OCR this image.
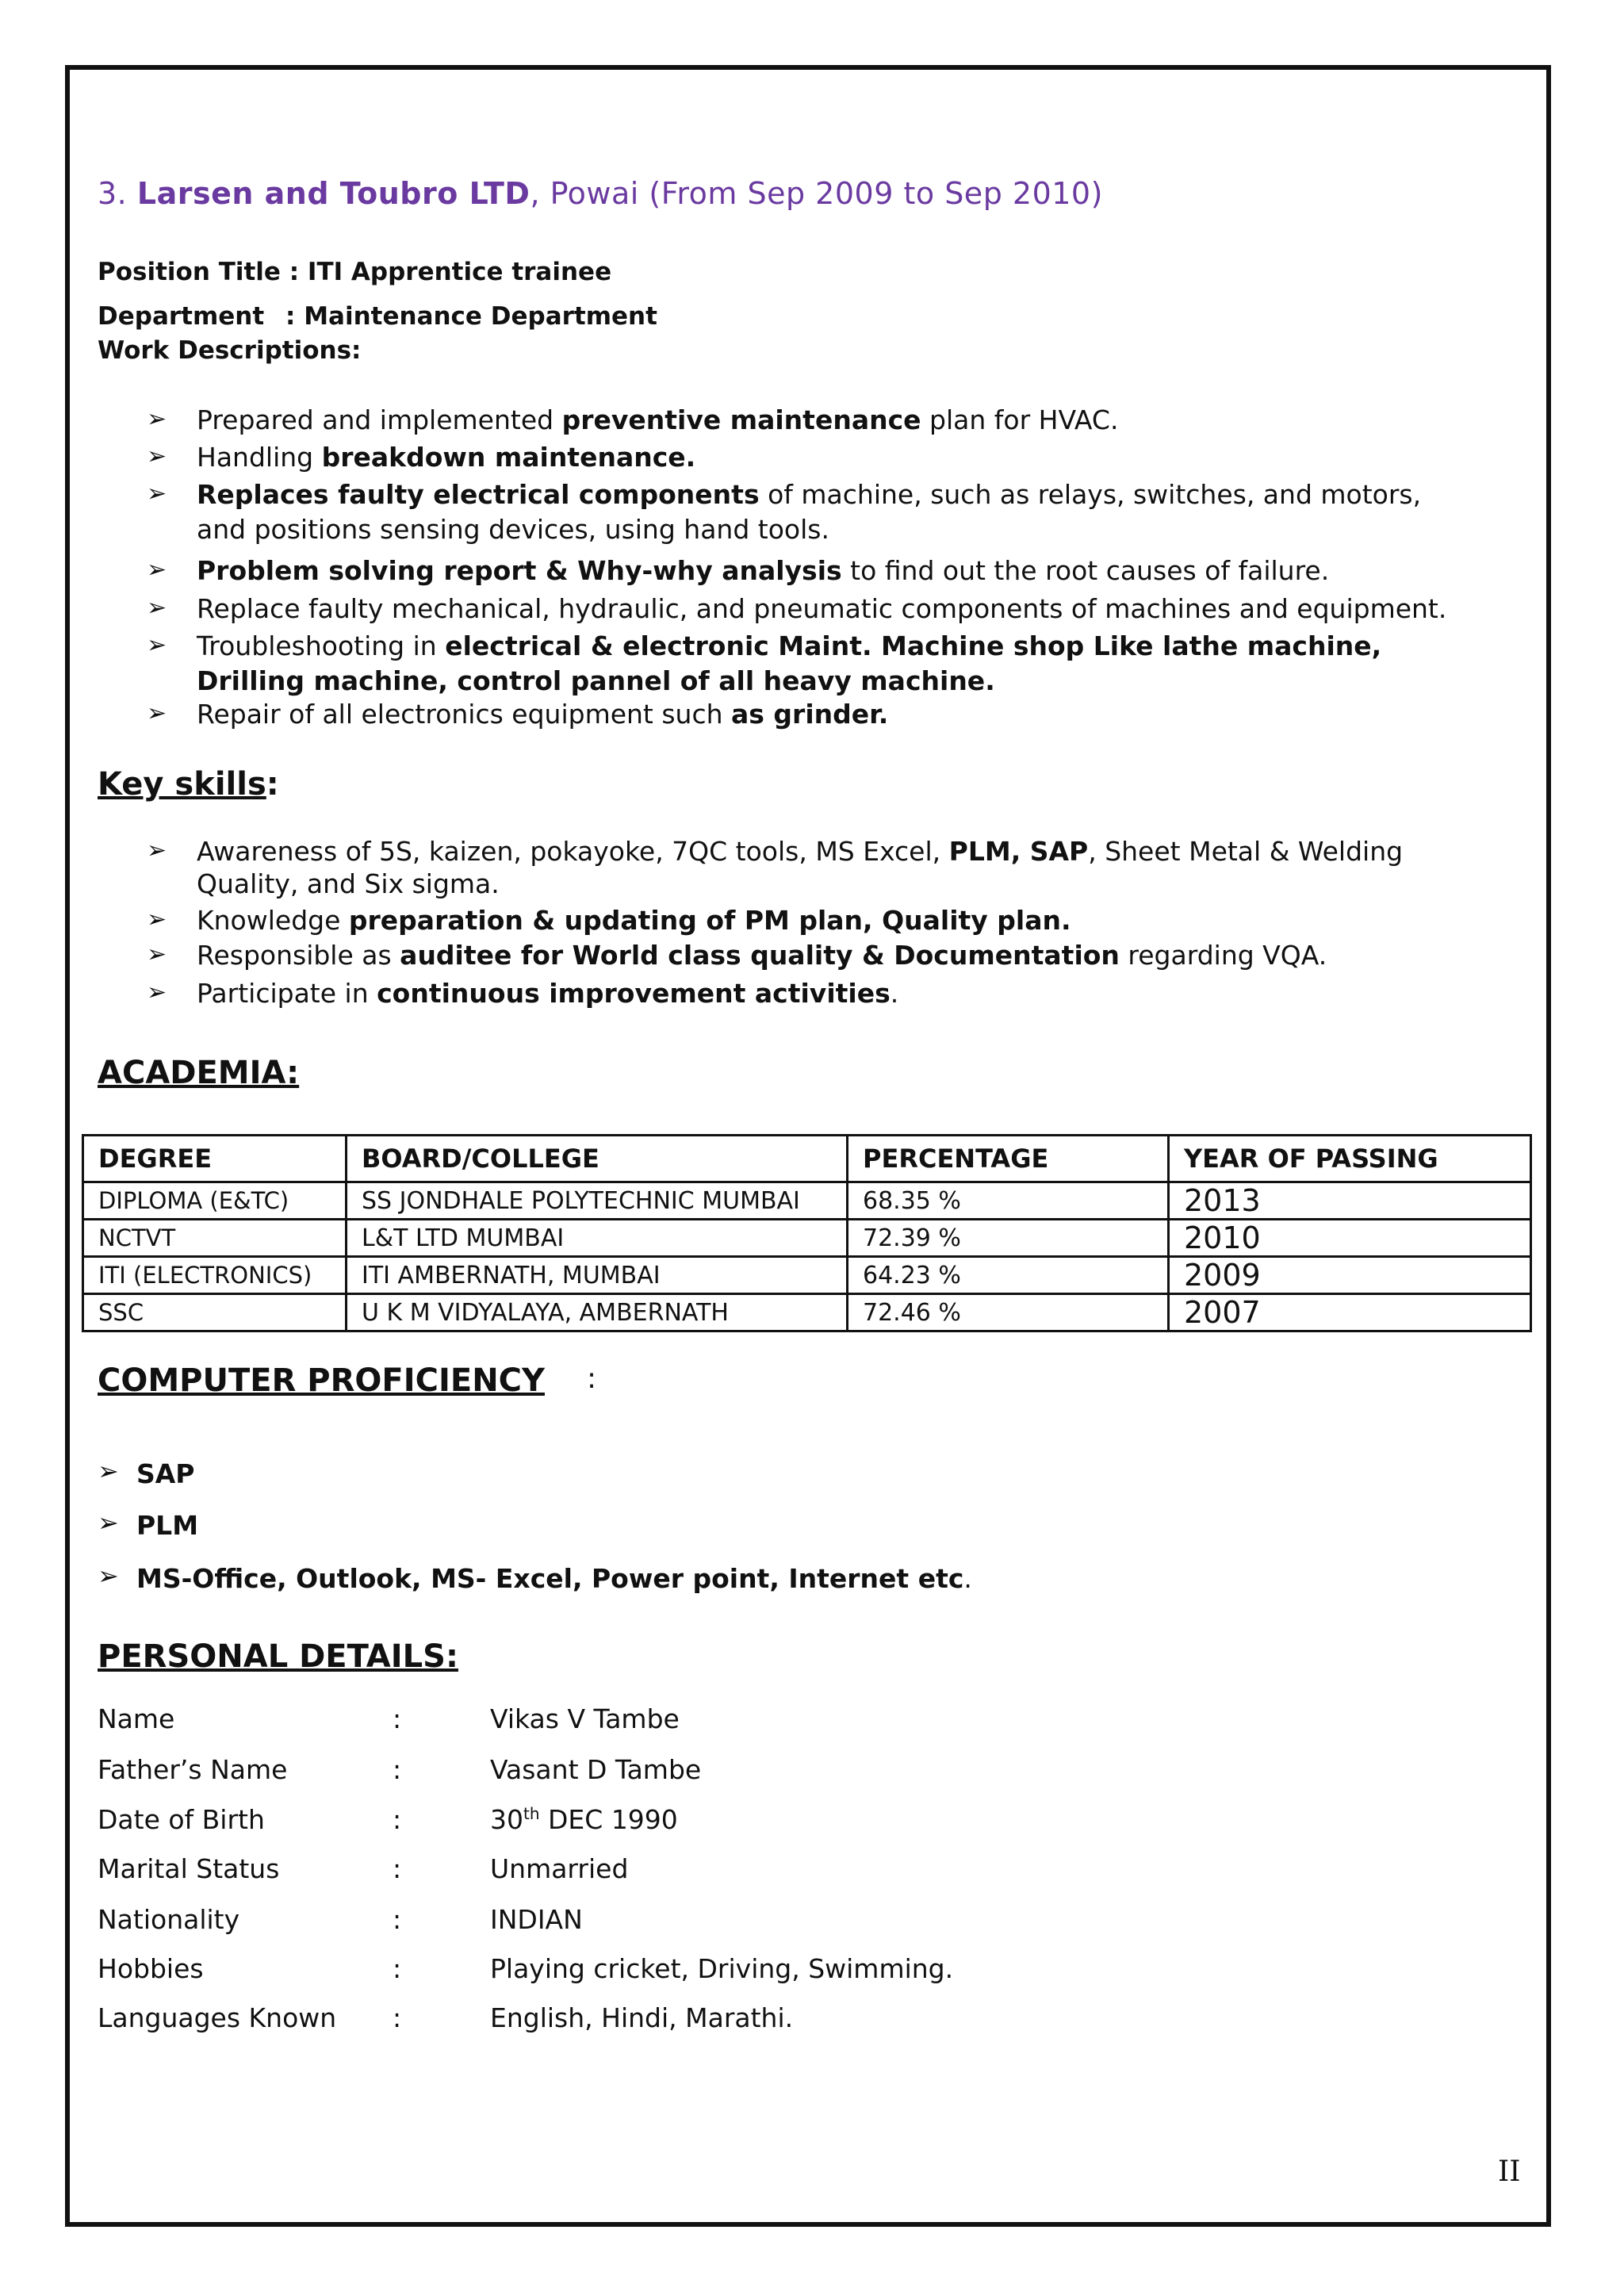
3. Larsen and Toubro LTD, Powai (From Sep 2009 to Sep 2010)
Position Title : ITI Apprentice trainee
Department : Maintenance Department
Work Descriptions:
➢ Prepared and implemented preventive maintenance plan for HVAC.
➢ Handling breakdown maintenance.
➢ Replaces faulty electrical components of machine, such as relays, switches, and motors,
and positions sensing devices, using hand tools.
➢ Problem solving report & Why-why analysis to find out the root causes of failure.
➢ Replace faulty mechanical, hydraulic, and pneumatic components of machines and equipment.
➢ Troubleshooting in electrical & electronic Maint. Machine shop Like lathe machine,
Drilling machine, control pannel of all heavy machine.
➢ Repair of all electronics equipment such as grinder.
Key skills:
➢ Awareness of 5S, kaizen, pokayoke, 7QC tools, MS Excel, PLM, SAP, Sheet Metal & Welding
Quality, and Six sigma.
➢ Knowledge preparation & updating of PM plan, Quality plan.
➢ Responsible as auditee for World class quality & Documentation regarding VQA.
➢ Participate in continuous improvement activities.
ACADEMIA:
DEGREE	BOARD/COLLEGE	PERCENTAGE	YEAR OF PASSING
DIPLOMA (E&TC)	SS JONDHALE POLYTECHNIC MUMBAI	68.35 %	2013
NCTVT	L&T LTD MUMBAI	72.39 %	2010
ITI (ELECTRONICS)	ITI AMBERNATH, MUMBAI	64.23 %	2009
SSC	U K M VIDYALAYA, AMBERNATH	72.46 %	2007
COMPUTER PROFICIENCY :
➢ SAP
➢ PLM
➢ MS-Office, Outlook, MS- Excel, Power point, Internet etc.
PERSONAL DETAILS:
Name	:	Vikas V Tambe
Father’s Name	:	Vasant D Tambe
Date of Birth	:	30th DEC 1990
Marital Status	:	Unmarried
Nationality	:	INDIAN
Hobbies	:	Playing cricket, Driving, Swimming.
Languages Known :	English, Hindi, Marathi.
II
